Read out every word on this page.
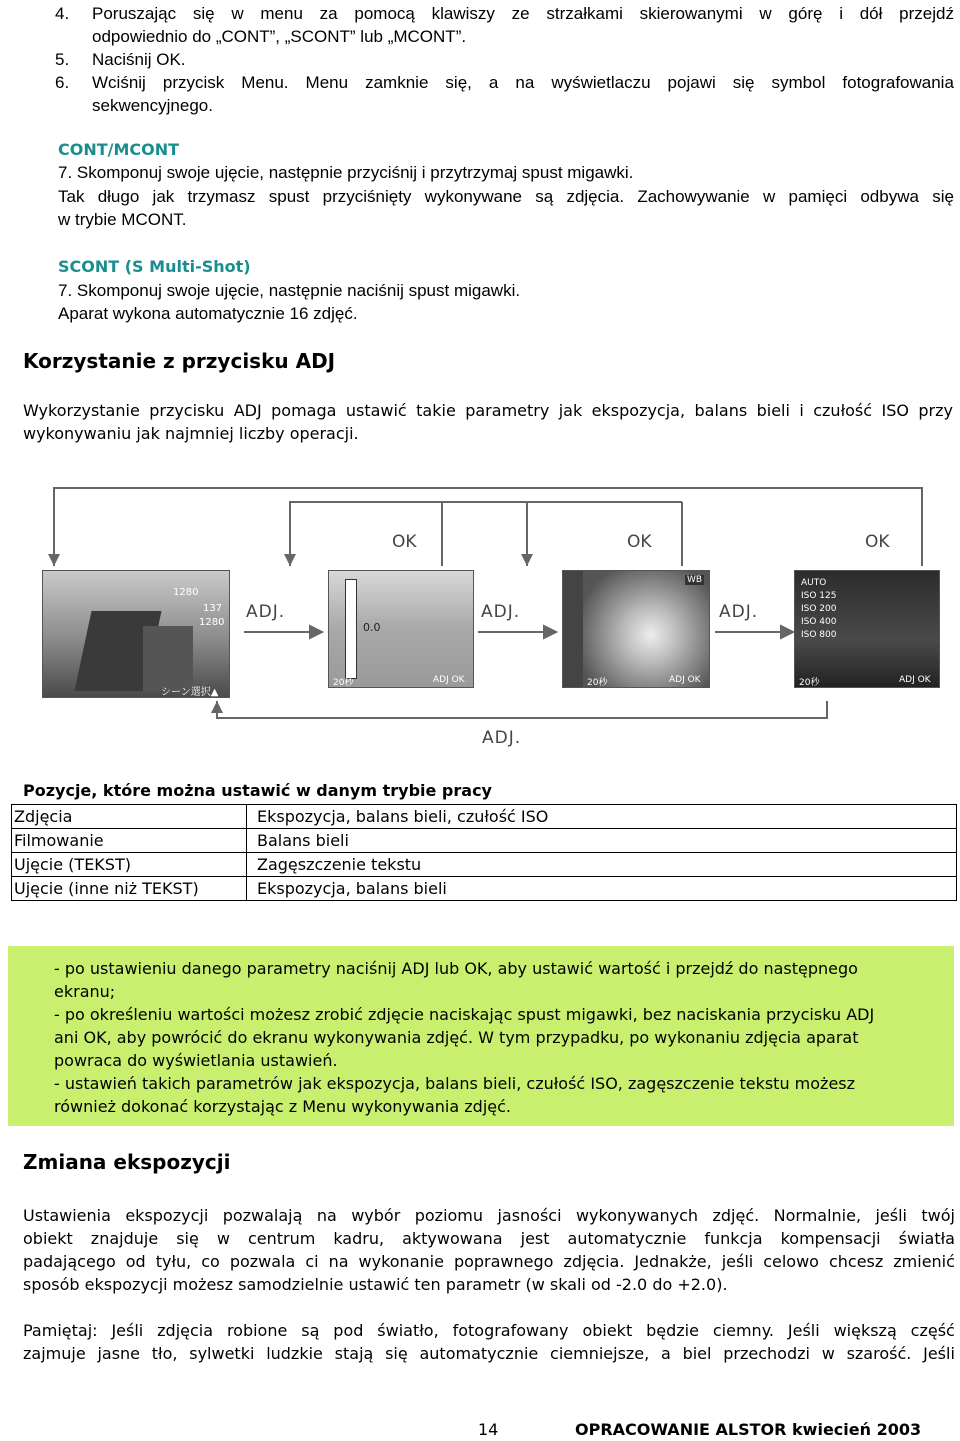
4. Poruszając się w menu za pomocą klawiszy ze strzałkami skierowanymi w górę i dół przejdź
odpowiednio do „CONT”, „SCONT” lub „MCONT”.
5. Naciśnij OK.
6. Wciśnij przycisk Menu. Menu zamknie się, a na wyświetlaczu pojawi się symbol fotografowania
sekwencyjnego.
CONT/MCONT
7. Skomponuj swoje ujęcie, następnie przyciśnij i przytrzymaj spust migawki.
Tak długo jak trzymasz spust przyciśnięty wykonywane są zdjęcia. Zachowywanie w pamięci odbywa się
w trybie MCONT.
SCONT (S Multi-Shot)
7. Skomponuj swoje ujęcie, następnie naciśnij spust migawki.
Aparat wykona automatycznie 16 zdjęć.
Korzystanie z przycisku ADJ
Wykorzystanie przycisku ADJ pomaga ustawić takie parametry jak ekspozycja, balans bieli i czułość ISO przy
wykonywaniu jak najmniej liczby operacji.
OK	OK	OK
ADJ.	ADJ.	ADJ.
ADJ.
1280
137
1280
シーン選択▲
0.0
20秒	ADJ OK
WB
20秒	ADJ OK
AUTO
ISO 125
ISO 200
ISO 400
ISO 800
20秒	ADJ OK
Pozycje, które można ustawić w danym trybie pracy
Zdjęcia	Ekspozycja, balans bieli, czułość ISO

Filmowanie	Balans bieli

Ujęcie (TEKST)	Zagęszczenie tekstu

Ujęcie (inne niż TEKST)	Ekspozycja, balans bieli
- po ustawieniu danego parametry naciśnij ADJ lub OK, aby ustawić wartość i przejdź do następnego
ekranu;
- po określeniu wartości możesz zrobić zdjęcie naciskając spust migawki, bez naciskania przycisku ADJ
ani OK, aby powrócić do ekranu wykonywania zdjęć. W tym przypadku, po wykonaniu zdjęcia aparat
powraca do wyświetlania ustawień.
- ustawień takich parametrów jak ekspozycja, balans bieli, czułość ISO, zagęszczenie tekstu możesz
również dokonać korzystając z Menu wykonywania zdjęć.
Zmiana ekspozycji
Ustawienia ekspozycji pozwalają na wybór poziomu jasności wykonywanych zdjęć. Normalnie, jeśli twój
obiekt znajduje się w centrum kadru, aktywowana jest automatycznie funkcja kompensacji światła
padającego od tyłu, co pozwala ci na wykonanie poprawnego zdjęcia. Jednakże, jeśli celowo chcesz zmienić
sposób ekspozycji możesz samodzielnie ustawić ten parametr (w skali od -2.0 do +2.0).
Pamiętaj: Jeśli zdjęcia robione są pod światło, fotografowany obiekt będzie ciemny. Jeśli większą część
zajmuje jasne tło, sylwetki ludzkie stają się automatycznie ciemniejsze, a biel przechodzi w szarość. Jeśli
14	OPRACOWANIE ALSTOR kwiecień 2003
